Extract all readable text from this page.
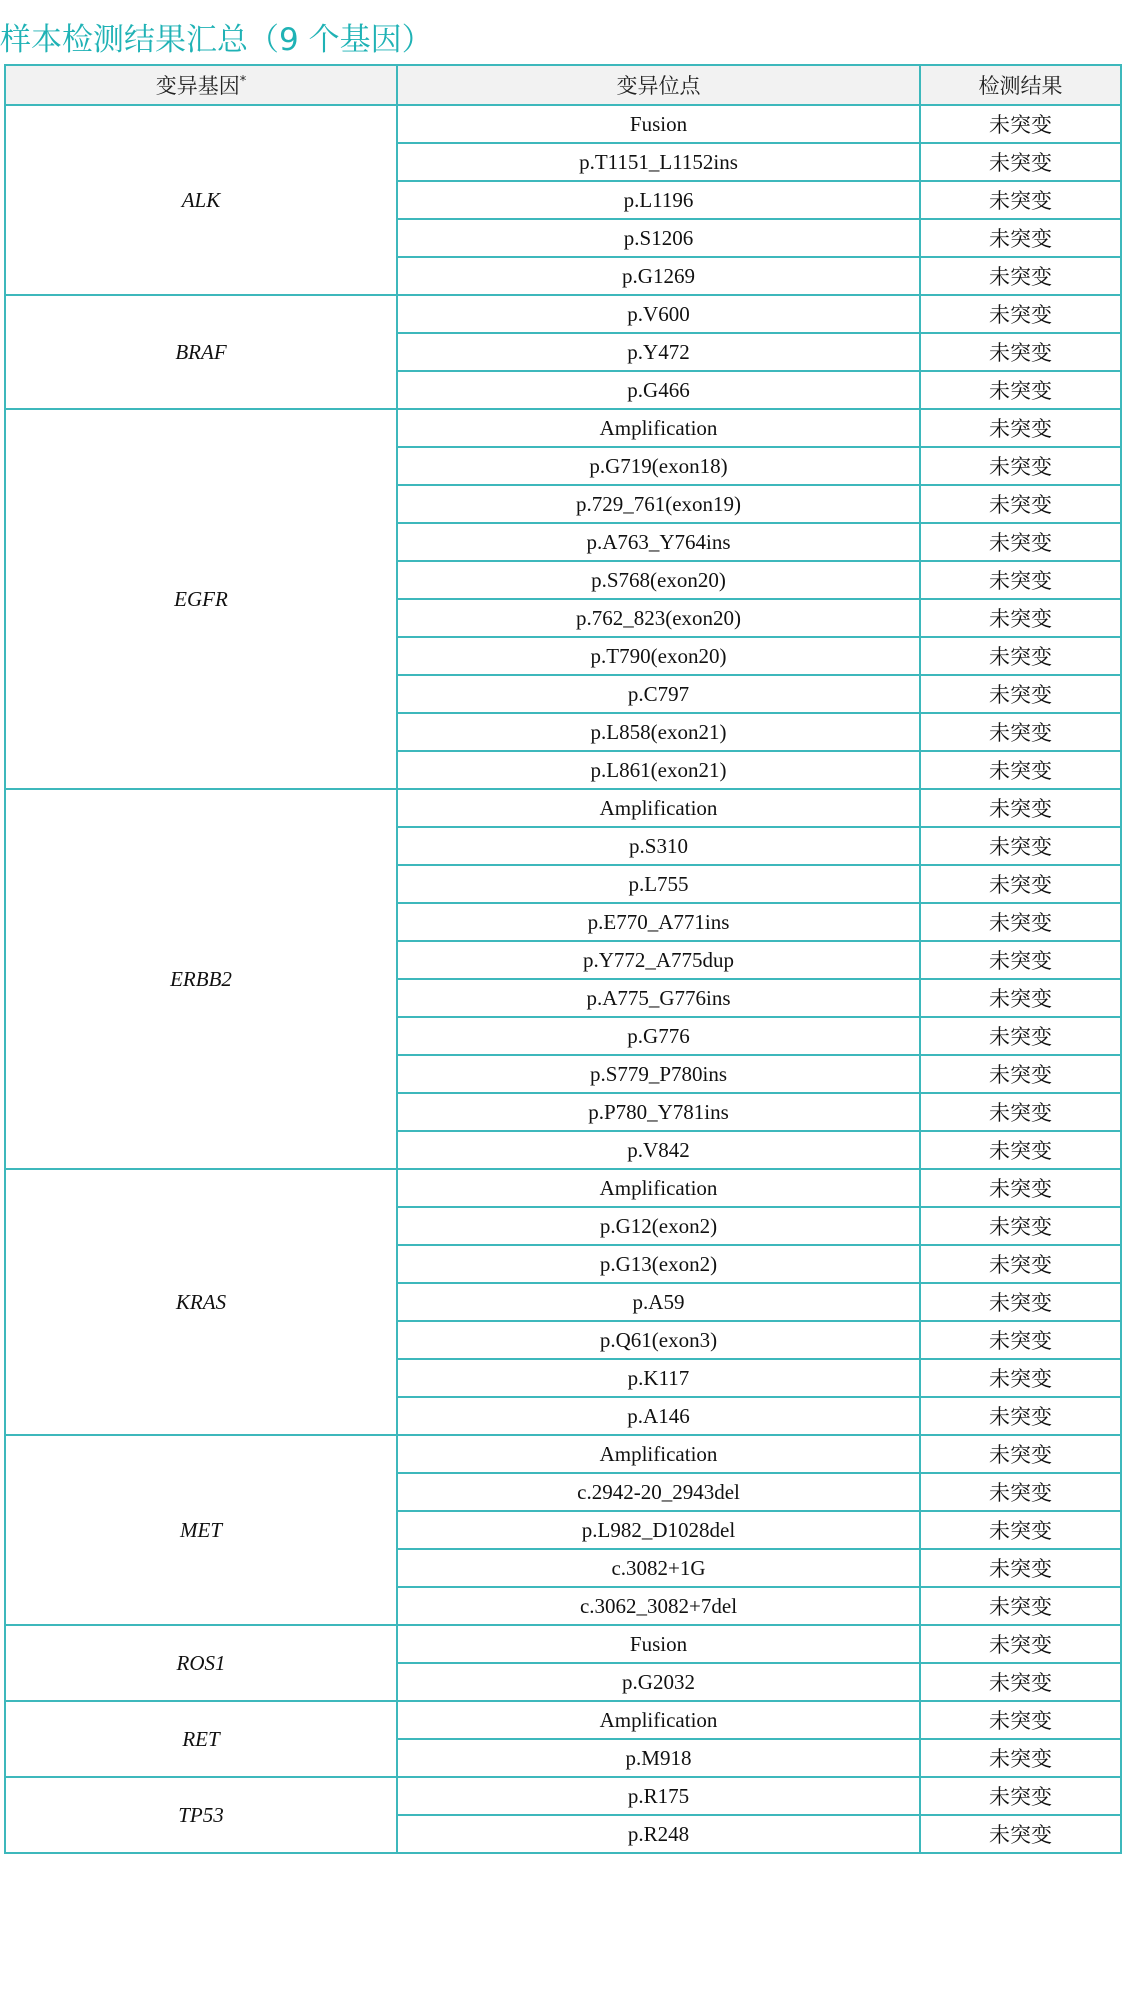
样本检测结果汇总（9 个基因）
变异基因*	变异位点	检测结果
ALK	Fusion	未突变
	p.T1151_L1152ins	未突变
	p.L1196	未突变
	p.S1206	未突变
	p.G1269	未突变
BRAF	p.V600	未突变
	p.Y472	未突变
	p.G466	未突变
EGFR	Amplification	未突变
	p.G719(exon18)	未突变
	p.729_761(exon19)	未突变
	p.A763_Y764ins	未突变
	p.S768(exon20)	未突变
	p.762_823(exon20)	未突变
	p.T790(exon20)	未突变
	p.C797	未突变
	p.L858(exon21)	未突变
	p.L861(exon21)	未突变
ERBB2	Amplification	未突变
	p.S310	未突变
	p.L755	未突变
	p.E770_A771ins	未突变
	p.Y772_A775dup	未突变
	p.A775_G776ins	未突变
	p.G776	未突变
	p.S779_P780ins	未突变
	p.P780_Y781ins	未突变
	p.V842	未突变
KRAS	Amplification	未突变
	p.G12(exon2)	未突变
	p.G13(exon2)	未突变
	p.A59	未突变
	p.Q61(exon3)	未突变
	p.K117	未突变
	p.A146	未突变
MET	Amplification	未突变
	c.2942-20_2943del	未突变
	p.L982_D1028del	未突变
	c.3082+1G	未突变
	c.3062_3082+7del	未突变
ROS1	Fusion	未突变
	p.G2032	未突变
RET	Amplification	未突变
	p.M918	未突变
TP53	p.R175	未突变
	p.R248	未突变
